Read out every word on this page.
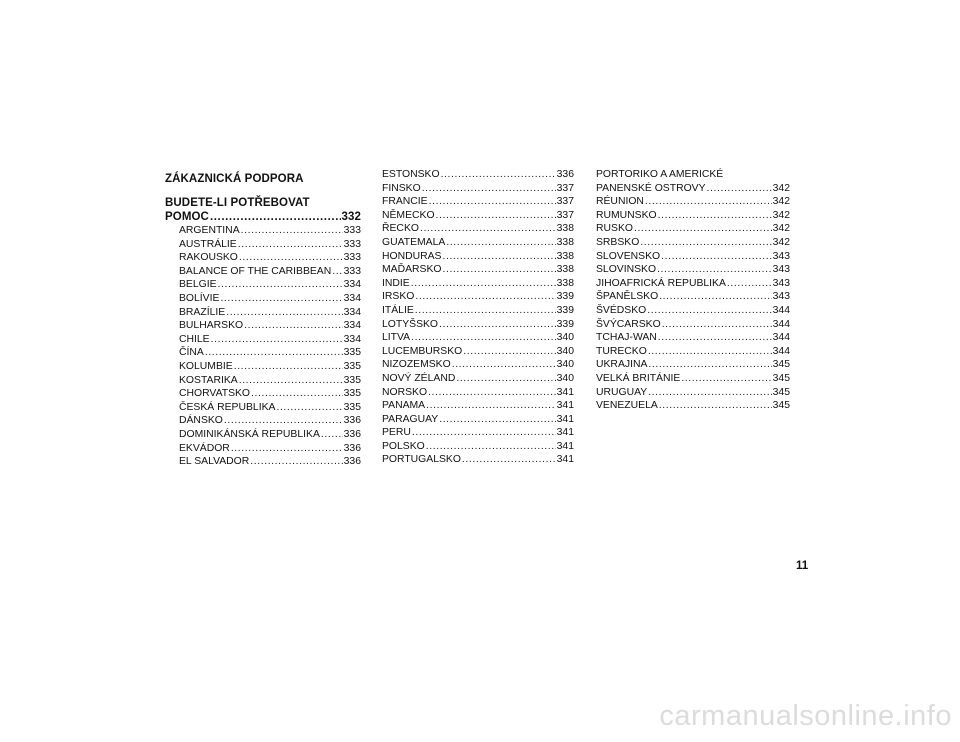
ZÁKAZNICKÁ PODPORA
BUDETE-LI POTŘEBOVAT
POMOC .....	332
ARGENTINA .....	333
AUSTRÁLIE .....	333
RAKOUSKO .....	333
BALANCE OF THE CARIBBEAN ..... 333
BELGIE .....	334
BOLÍVIE .....	334
BRAZÍLIE .....	334
BULHARSKO .....	334
CHILE .....	334
ČÍNA .....	335
KOLUMBIE .....	335
KOSTARIKA .....	335
CHORVATSKO .....	335
ČESKÁ REPUBLIKA .....	335
DÁNSKO .....	336
DOMINIKÁNSKÁ REPUBLIKA ..... 336
EKVÁDOR .....	336
EL SALVADOR .....	336
ESTONSKO .....	336
FINSKO .....	337
FRANCIE .....	337
NĚMECKO .....	337
ŘECKO .....	338
GUATEMALA .....	338
HONDURAS .....	338
MAĎARSKO .....	338
INDIE .....	338
IRSKO .....	339
ITÁLIE .....	339
LOTYŠSKO .....	339
LITVA .....	340
LUCEMBURSKO .....	340
NIZOZEMSKO .....	340
NOVÝ ZÉLAND .....	340
NORSKO .....	341
PANAMA .....	341
PARAGUAY .....	341
PERU .....	341
POLSKO .....	341
PORTUGALSKO .....	341
PORTORIKO A AMERICKÉ
PANENSKÉ OSTROVY .....	342
RÉUNION .....	342
RUMUNSKO .....	342
RUSKO .....	342
SRBSKO .....	342
SLOVENSKO .....	343
SLOVINSKO .....	343
JIHOAFRICKÁ REPUBLIKA .....	343
ŠPANĚLSKO .....	343
ŠVÉDSKO .....	344
ŠVÝCARSKO .....	344
TCHAJ-WAN .....	344
TURECKO .....	344
UKRAJINA .....	345
VELKÁ BRITÁNIE .....	345
URUGUAY .....	345
VENEZUELA .....	345
11
carmanualsonline.info
